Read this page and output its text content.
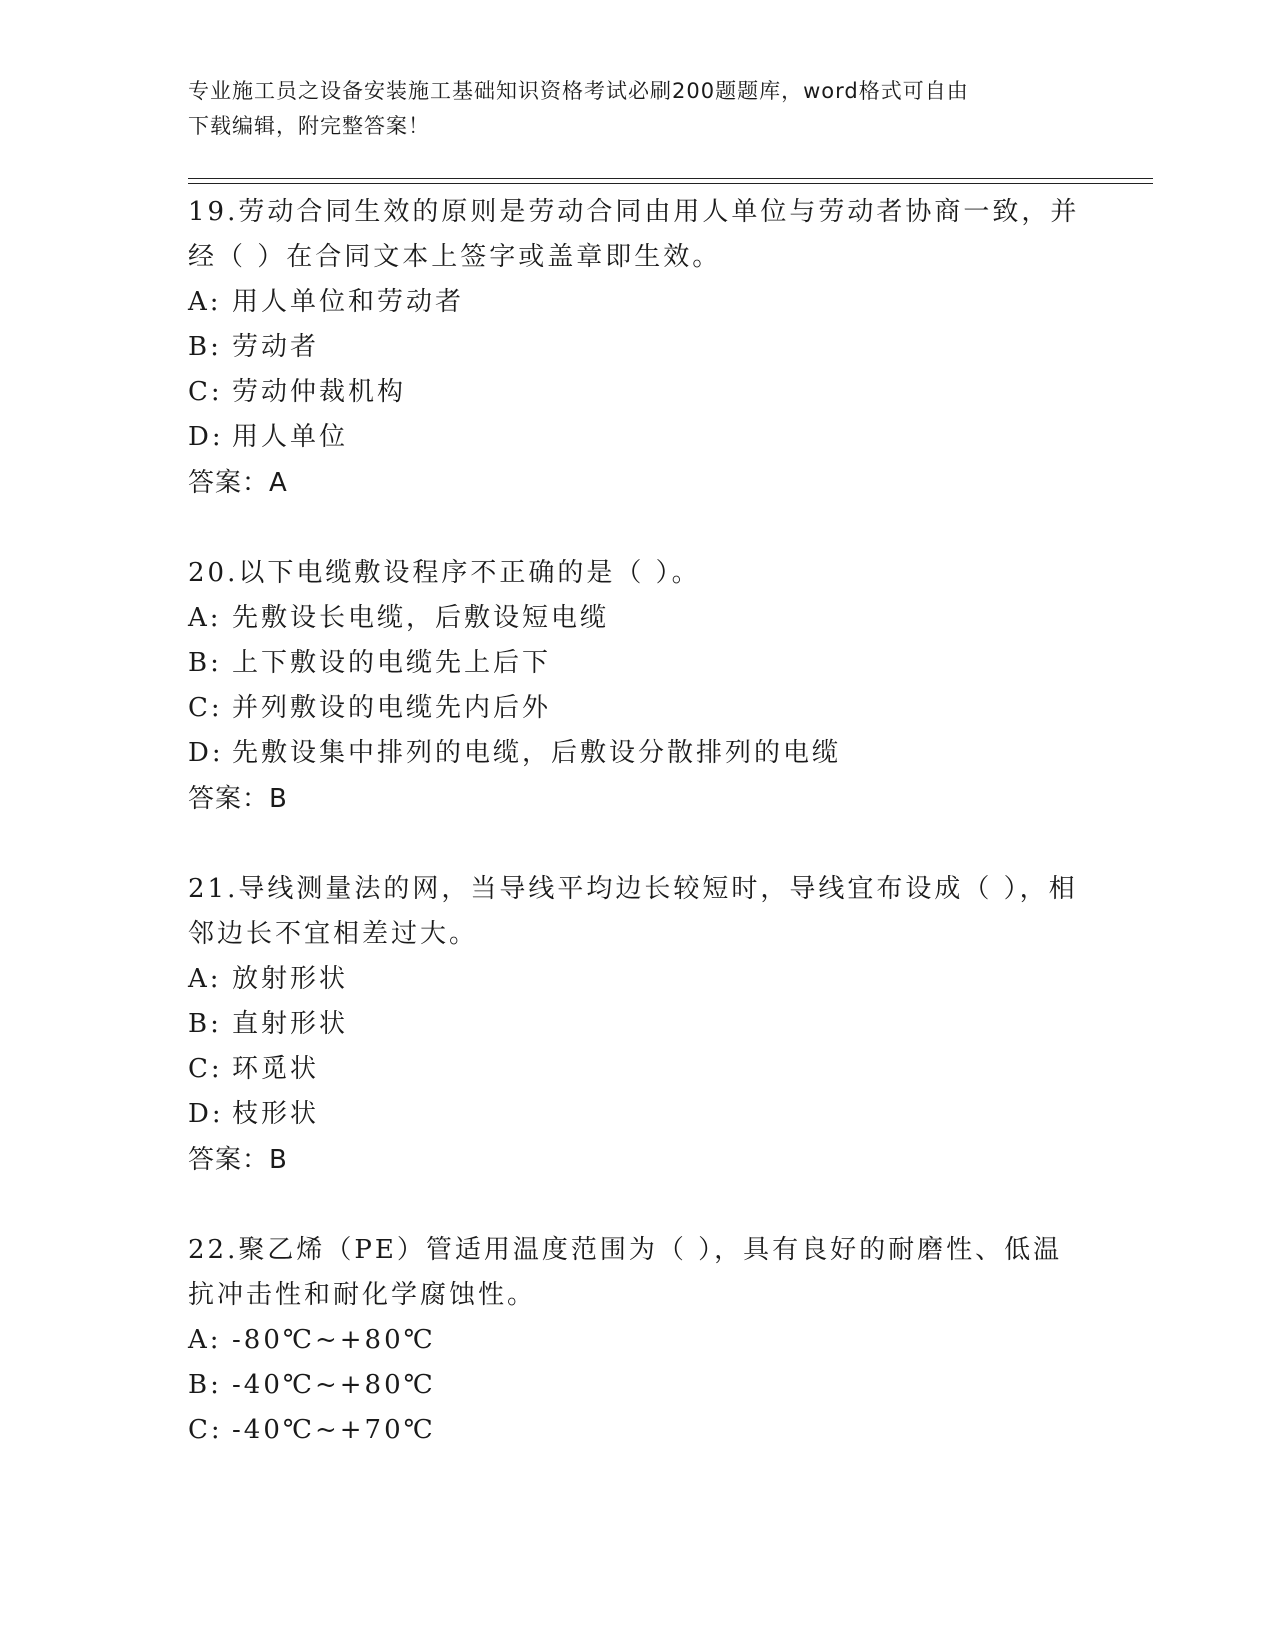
专业施工员之设备安装施工基础知识资格考试必刷200题题库，word格式可自由
下载编辑，附完整答案！
19.劳动合同生效的原则是劳动合同由用人单位与劳动者协商一致，并经（ ）在合同文本上签字或盖章即生效。
A: 用人单位和劳动者
B: 劳动者
C: 劳动仲裁机构
D: 用人单位
答案：A
20.以下电缆敷设程序不正确的是（ ）。
A: 先敷设长电缆，后敷设短电缆
B: 上下敷设的电缆先上后下
C: 并列敷设的电缆先内后外
D: 先敷设集中排列的电缆，后敷设分散排列的电缆
答案：B
21.导线测量法的网，当导线平均边长较短时，导线宜布设成（ ），相邻边长不宜相差过大。
A: 放射形状
B: 直射形状
C: 环觅状
D: 枝形状
答案：B
22.聚乙烯（PE）管适用温度范围为（ ），具有良好的耐磨性、低温抗冲击性和耐化学腐蚀性。
A: -80℃~+80℃
B: -40℃~+80℃
C: -40℃~+70℃
